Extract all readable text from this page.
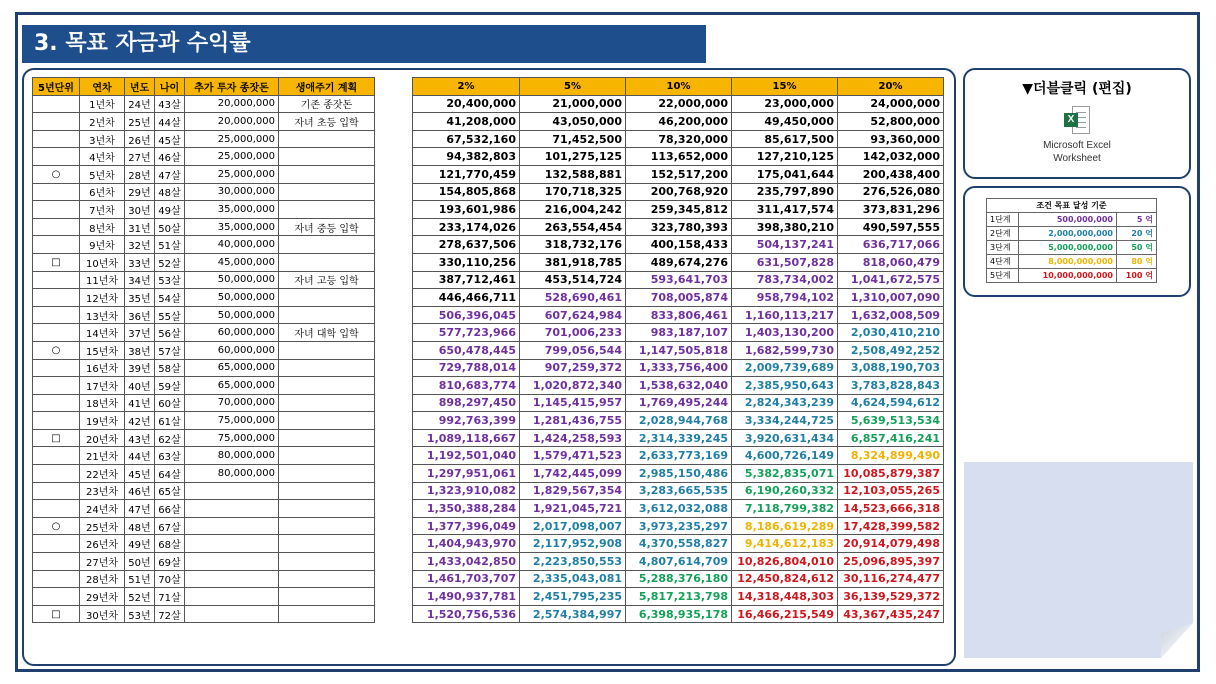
3. 목표 자금과 수익률
5년단위	연차	년도	나이	추가 투자 종잣돈	생애주기 계획
	1년차	24년	43살	20,000,000	기존 종잣돈
	2년차	25년	44살	20,000,000	자녀 초등 입학
	3년차	26년	45살	25,000,000	
	4년차	27년	46살	25,000,000	
○	5년차	28년	47살	25,000,000	
	6년차	29년	48살	30,000,000	
	7년차	30년	49살	35,000,000	
	8년차	31년	50살	35,000,000	자녀 중등 입학
	9년차	32년	51살	40,000,000	
□	10년차	33년	52살	45,000,000	
	11년차	34년	53살	50,000,000	자녀 고등 입학
	12년차	35년	54살	50,000,000	
	13년차	36년	55살	50,000,000	
	14년차	37년	56살	60,000,000	자녀 대학 입학
○	15년차	38년	57살	60,000,000	
	16년차	39년	58살	65,000,000	
	17년차	40년	59살	65,000,000	
	18년차	41년	60살	70,000,000	
	19년차	42년	61살	75,000,000	
□	20년차	43년	62살	75,000,000	
	21년차	44년	63살	80,000,000	
	22년차	45년	64살	80,000,000	
	23년차	46년	65살		
	24년차	47년	66살		
○	25년차	48년	67살		
	26년차	49년	68살		
	27년차	50년	69살		
	28년차	51년	70살		
	29년차	52년	71살		
□	30년차	53년	72살		
2%	5%	10%	15%	20%
20,400,000	21,000,000	22,000,000	23,000,000	24,000,000
41,208,000	43,050,000	46,200,000	49,450,000	52,800,000
67,532,160	71,452,500	78,320,000	85,617,500	93,360,000
94,382,803	101,275,125	113,652,000	127,210,125	142,032,000
121,770,459	132,588,881	152,517,200	175,041,644	200,438,400
154,805,868	170,718,325	200,768,920	235,797,890	276,526,080
193,601,986	216,004,242	259,345,812	311,417,574	373,831,296
233,174,026	263,554,454	323,780,393	398,380,210	490,597,555
278,637,506	318,732,176	400,158,433	504,137,241	636,717,066
330,110,256	381,918,785	489,674,276	631,507,828	818,060,479
387,712,461	453,514,724	593,641,703	783,734,002	1,041,672,575
446,466,711	528,690,461	708,005,874	958,794,102	1,310,007,090
506,396,045	607,624,984	833,806,461	1,160,113,217	1,632,008,509
577,723,966	701,006,233	983,187,107	1,403,130,200	2,030,410,210
650,478,445	799,056,544	1,147,505,818	1,682,599,730	2,508,492,252
729,788,014	907,259,372	1,333,756,400	2,009,739,689	3,088,190,703
810,683,774	1,020,872,340	1,538,632,040	2,385,950,643	3,783,828,843
898,297,450	1,145,415,957	1,769,495,244	2,824,343,239	4,624,594,612
992,763,399	1,281,436,755	2,028,944,768	3,334,244,725	5,639,513,534
1,089,118,667	1,424,258,593	2,314,339,245	3,920,631,434	6,857,416,241
1,192,501,040	1,579,471,523	2,633,773,169	4,600,726,149	8,324,899,490
1,297,951,061	1,742,445,099	2,985,150,486	5,382,835,071	10,085,879,387
1,323,910,082	1,829,567,354	3,283,665,535	6,190,260,332	12,103,055,265
1,350,388,284	1,921,045,721	3,612,032,088	7,118,799,382	14,523,666,318
1,377,396,049	2,017,098,007	3,973,235,297	8,186,619,289	17,428,399,582
1,404,943,970	2,117,952,908	4,370,558,827	9,414,612,183	20,914,079,498
1,433,042,850	2,223,850,553	4,807,614,709	10,826,804,010	25,096,895,397
1,461,703,707	2,335,043,081	5,288,376,180	12,450,824,612	30,116,274,477
1,490,937,781	2,451,795,235	5,817,213,798	14,318,448,303	36,139,529,372
1,520,756,536	2,574,384,997	6,398,935,178	16,466,215,549	43,367,435,247
▼더블클릭 (편집)
X
Microsoft Excel
Worksheet
조건 목표 달성 기준		
1단계	500,000,000	5 억
2단계	2,000,000,000	20 억
3단계	5,000,000,000	50 억
4단계	8,000,000,000	80 억
5단계	10,000,000,000	100 억
